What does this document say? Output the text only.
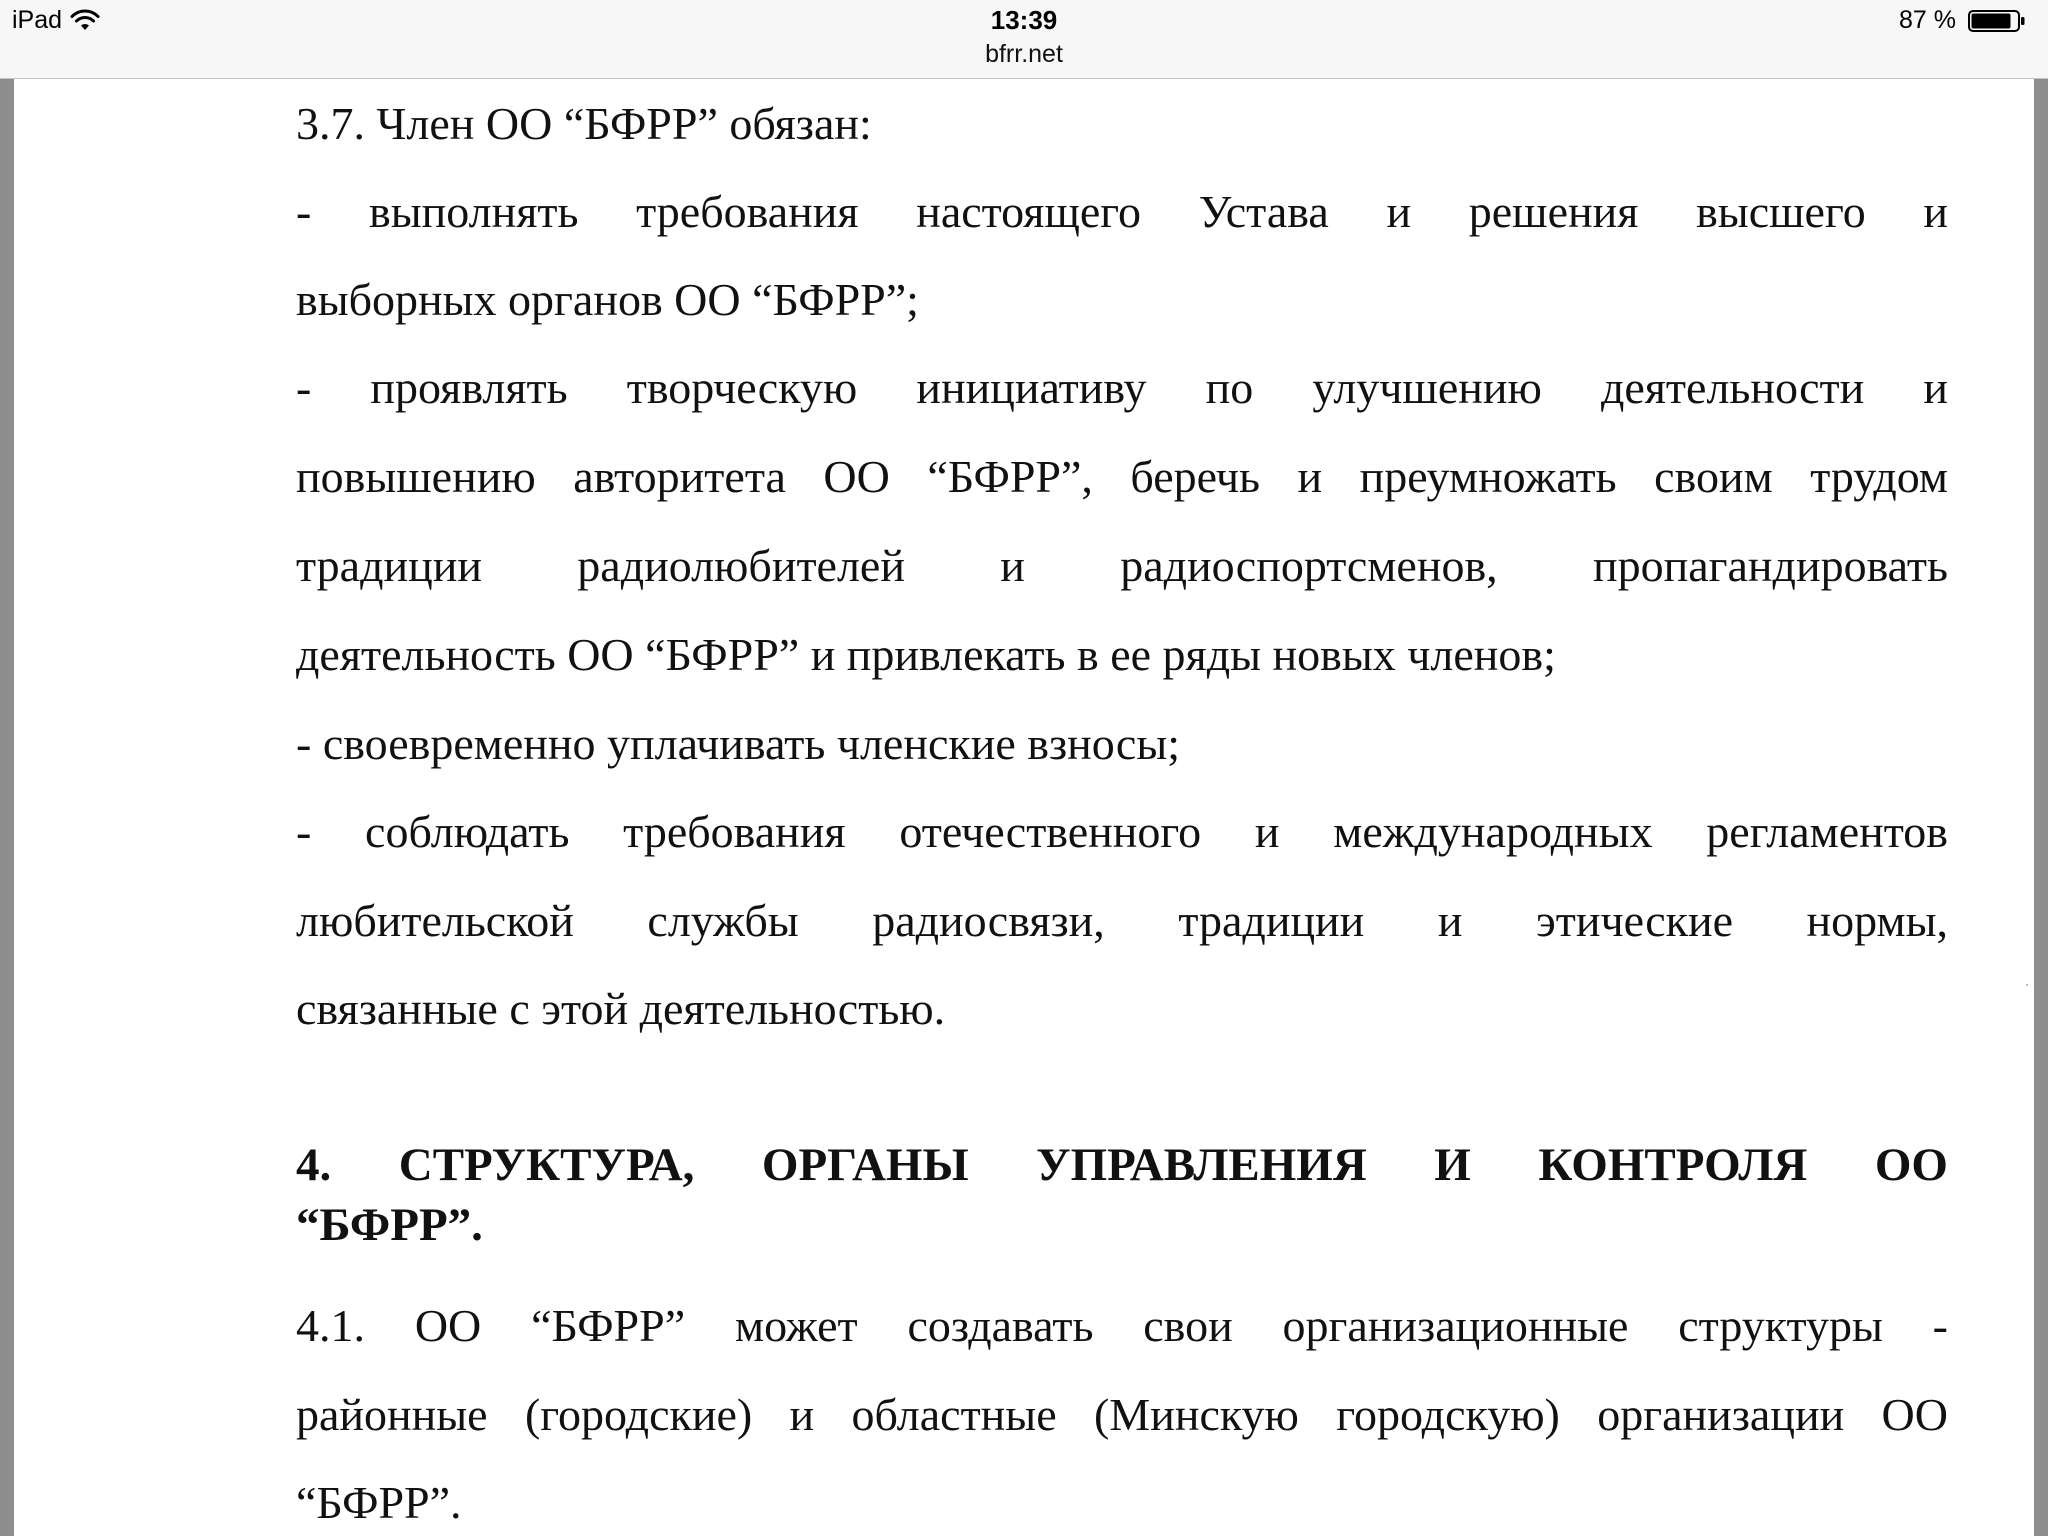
iPad	13:39
bfrr.net
87 %
3.7. Член ОО “БФРР” обязан:
- выполнять требования настоящего Устава и решения высшего и
выборных органов ОО “БФРР”;
- проявлять творческую инициативу по улучшению деятельности и
повышению авторитета ОО “БФРР”, беречь и преумножать своим трудом
традиции радиолюбителей и радиоспортсменов, пропагандировать
деятельность ОО “БФРР” и привлекать в ее ряды новых членов;
- своевременно уплачивать членские взносы;
- соблюдать требования отечественного и международных регламентов
любительской службы радиосвязи, традиции и этические нормы,
связанные с этой деятельностью.
4. СТРУКТУРА, ОРГАНЫ УПРАВЛЕНИЯ И КОНТРОЛЯ ОО
“БФРР”.
4.1. ОО “БФРР” может создавать свои организационные структуры -
районные (городские) и областные (Минскую городскую) организации ОО
“БФРР”.
